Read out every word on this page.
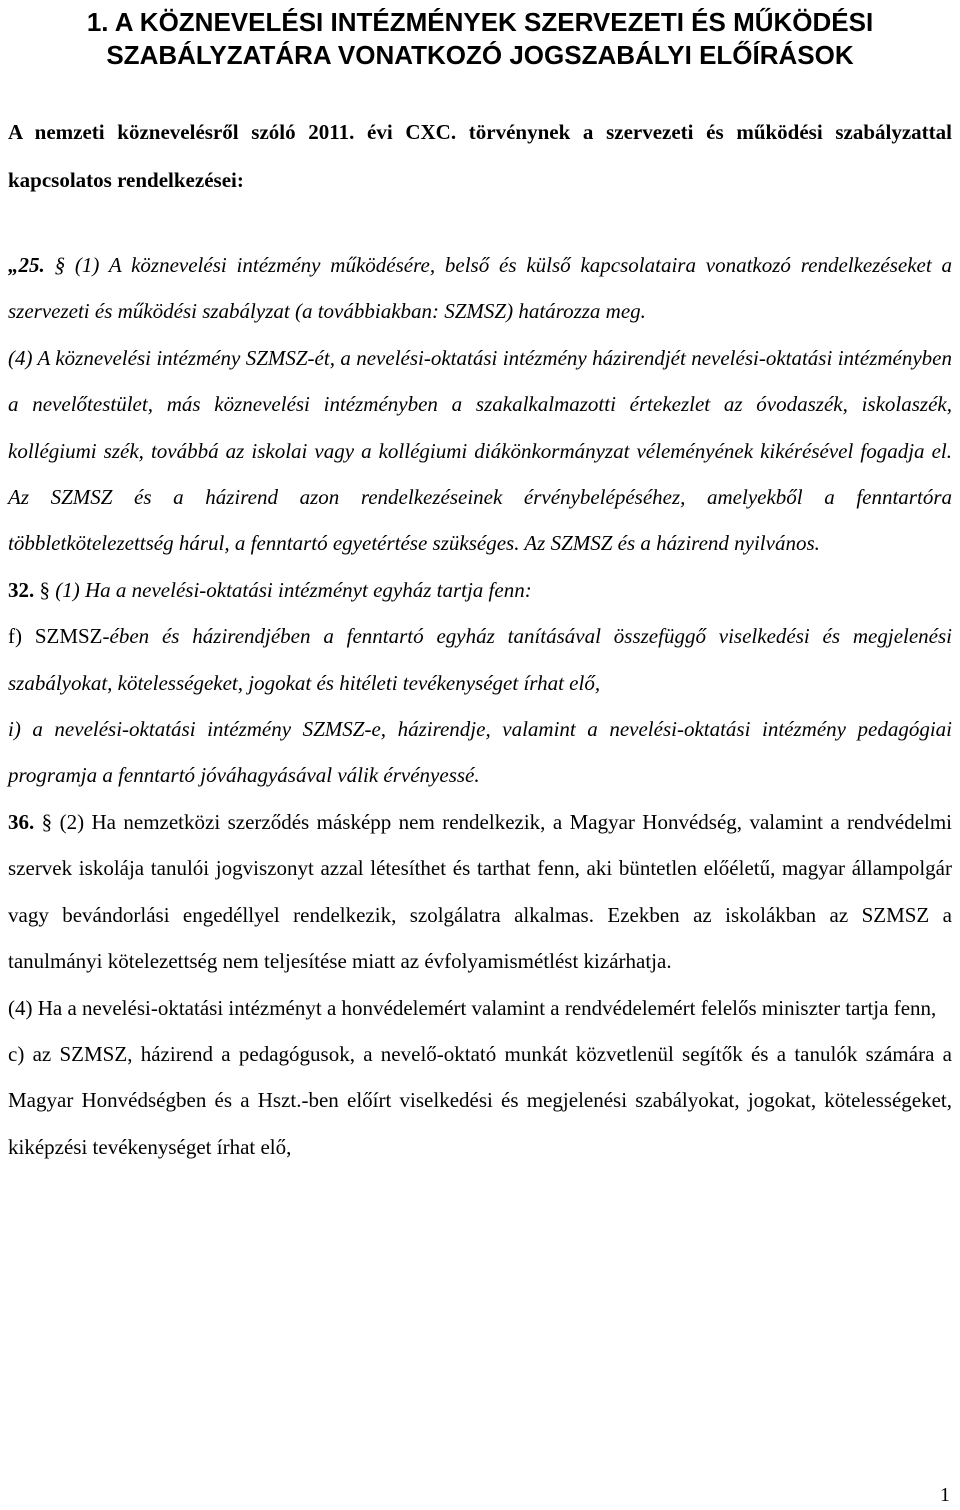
1. A KÖZNEVELÉSI INTÉZMÉNYEK SZERVEZETI ÉS MŰKÖDÉSI SZABÁLYZATÁRA VONATKOZÓ JOGSZABÁLYI ELŐÍRÁSOK

A nemzeti köznevelésről szóló 2011. évi CXC. törvénynek a szervezeti és működési szabályzattal kapcsolatos rendelkezései:

„25. § (1) A köznevelési intézmény működésére, belső és külső kapcsolataira vonatkozó rendelkezéseket a szervezeti és működési szabályzat (a továbbiakban: SZMSZ) határozza meg.

(4) A köznevelési intézmény SZMSZ-ét, a nevelési-oktatási intézmény házirendjét nevelési-oktatási intézményben a nevelőtestület, más köznevelési intézményben a szakalkalmazotti értekezlet az óvodaszék, iskolaszék, kollégiumi szék, továbbá az iskolai vagy a kollégiumi diákönkormányzat véleményének kikérésével fogadja el. Az SZMSZ és a házirend azon rendelkezéseinek érvénybelépéséhez, amelyekből a fenntartóra többletkötelezettség hárul, a fenntartó egyetértése szükséges. Az SZMSZ és a házirend nyilvános.

32. § (1) Ha a nevelési-oktatási intézményt egyház tartja fenn:

f) SZMSZ-ében és házirendjében a fenntartó egyház tanításával összefüggő viselkedési és megjelenési szabályokat, kötelességeket, jogokat és hitéleti tevékenységet írhat elő,

i) a nevelési-oktatási intézmény SZMSZ-e, házirendje, valamint a nevelési-oktatási intézmény pedagógiai programja a fenntartó jóváhagyásával válik érvényessé.

36. § (2) Ha nemzetközi szerződés másképp nem rendelkezik, a Magyar Honvédség, valamint a rendvédelmi szervek iskolája tanulói jogviszonyt azzal létesíthet és tarthat fenn, aki büntetlen előéletű, magyar állampolgár vagy bevándorlási engedéllyel rendelkezik, szolgálatra alkalmas. Ezekben az iskolákban az SZMSZ a tanulmányi kötelezettség nem teljesítése miatt az évfolyamismétlést kizárhatja.

(4) Ha a nevelési-oktatási intézményt a honvédelemért valamint a rendvédelemért felelős miniszter tartja fenn,

c) az SZMSZ, házirend a pedagógusok, a nevelő-oktató munkát közvetlenül segítők és a tanulók számára a Magyar Honvédségben és a Hszt.-ben előírt viselkedési és megjelenési szabályokat, jogokat, kötelességeket, kiképzési tevékenységet írhat elő,

1
